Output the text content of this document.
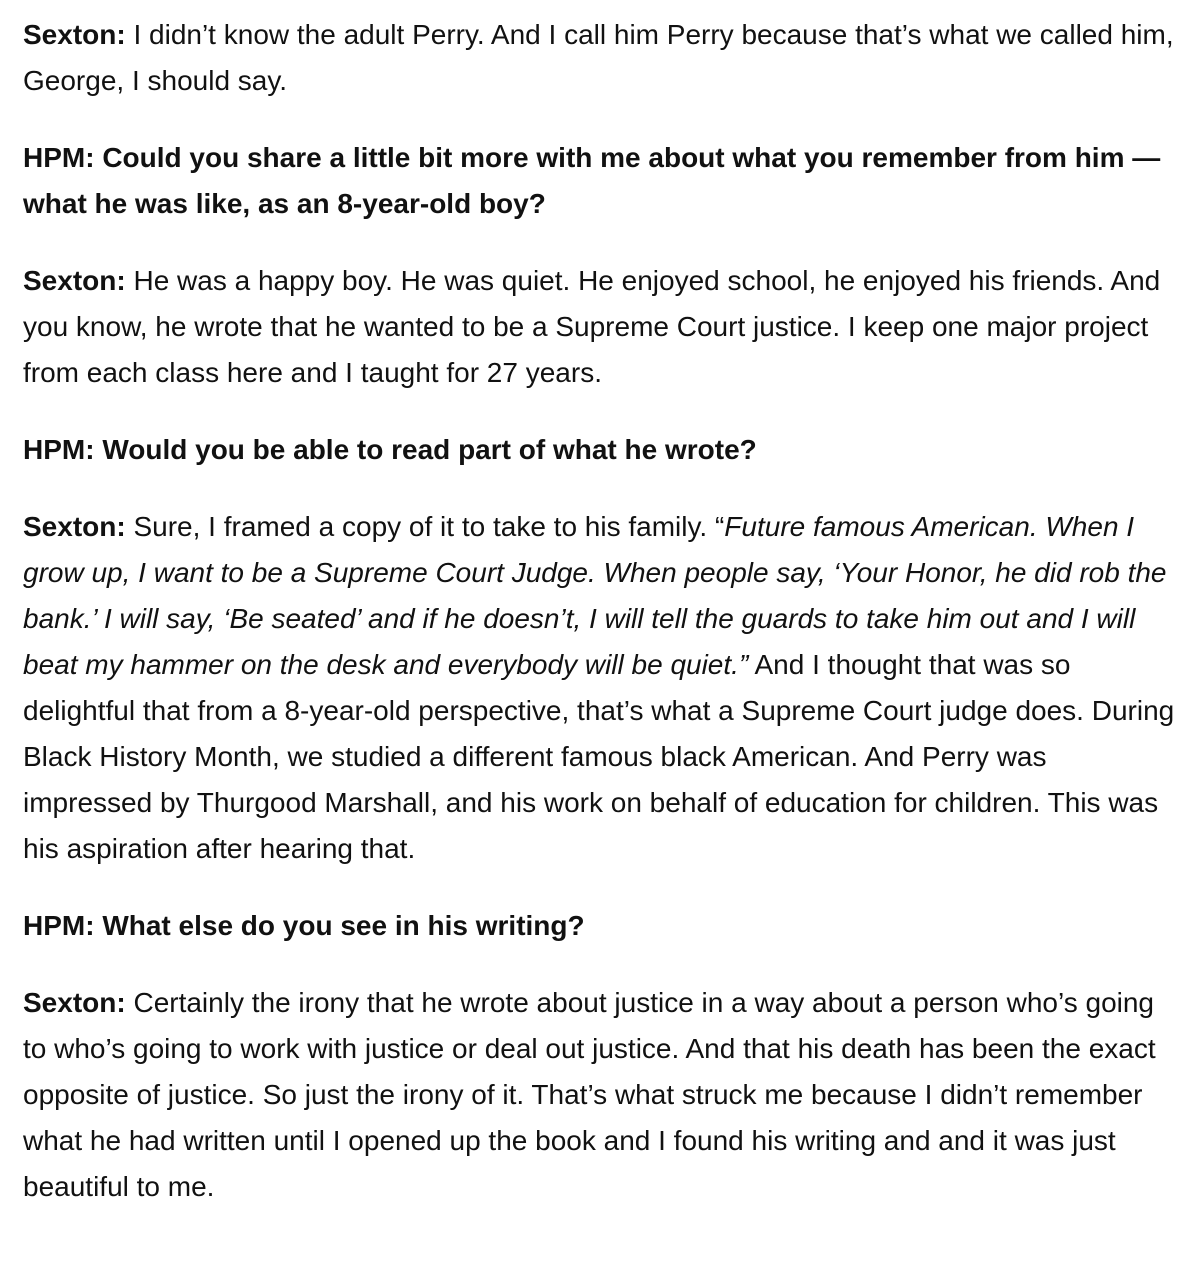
Sexton: I didn’t know the adult Perry. And I call him Perry because that’s what we called him, George, I should say.

HPM: Could you share a little bit more with me about what you remember from him — what he was like, as an 8-year-old boy?

Sexton: He was a happy boy. He was quiet. He enjoyed school, he enjoyed his friends. And you know, he wrote that he wanted to be a Supreme Court justice. I keep one major project from each class here and I taught for 27 years.

HPM: Would you be able to read part of what he wrote?

Sexton: Sure, I framed a copy of it to take to his family. “Future famous American. When I grow up, I want to be a Supreme Court Judge. When people say, ‘Your Honor, he did rob the bank.’ I will say, ‘Be seated’ and if he doesn’t, I will tell the guards to take him out and I will beat my hammer on the desk and everybody will be quiet.” And I thought that was so delightful that from a 8-year-old perspective, that’s what a Supreme Court judge does. During Black History Month, we studied a different famous black American. And Perry was impressed by Thurgood Marshall, and his work on behalf of education for children. This was his aspiration after hearing that.

HPM: What else do you see in his writing?

Sexton: Certainly the irony that he wrote about justice in a way about a person who’s going to who’s going to work with justice or deal out justice. And that his death has been the exact opposite of justice. So just the irony of it. That’s what struck me because I didn’t remember what he had written until I opened up the book and I found his writing and and it was just beautiful to me.
